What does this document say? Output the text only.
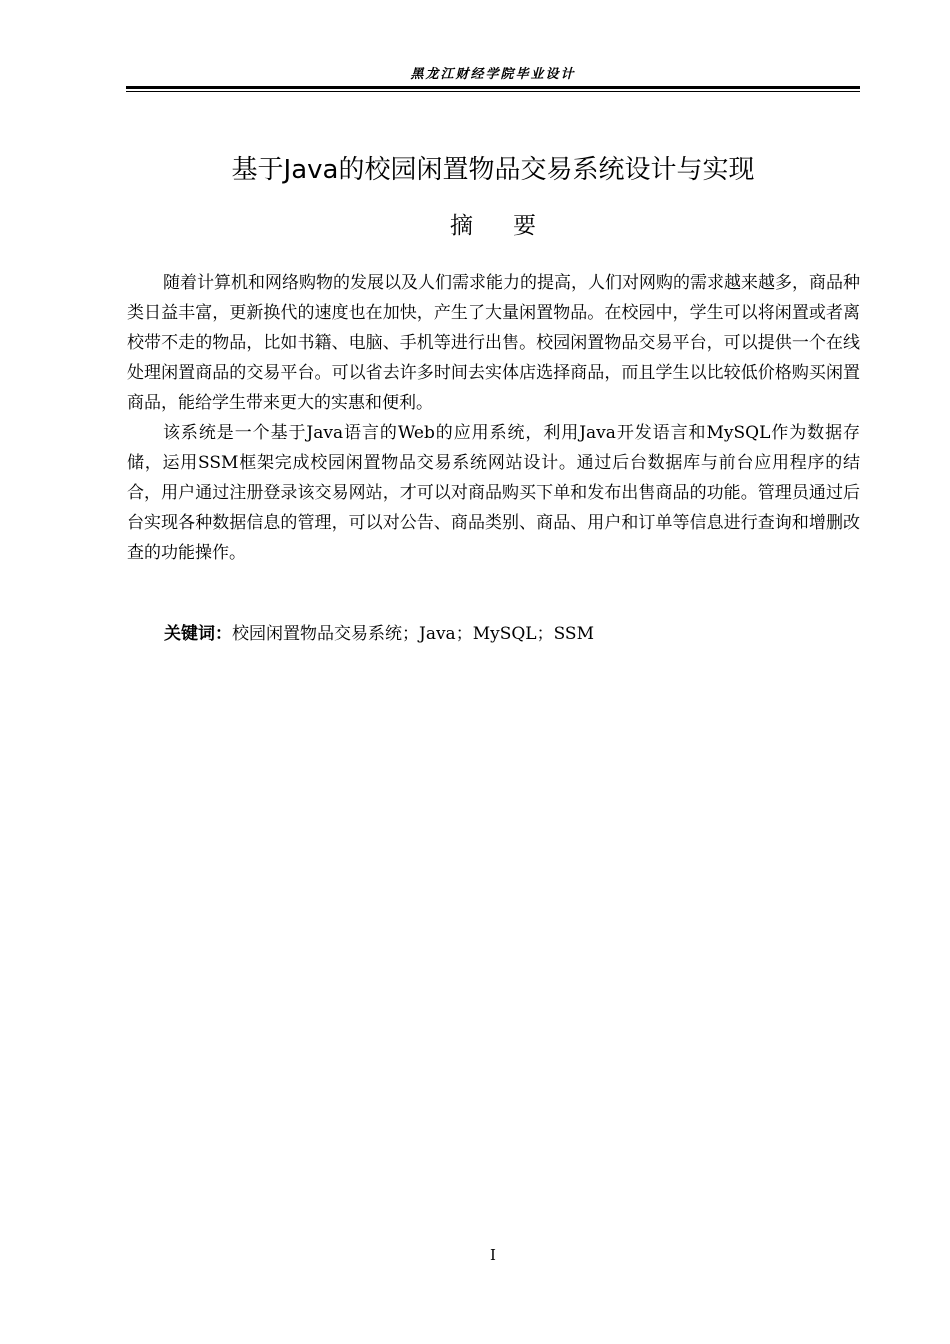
黑龙江财经学院毕业设计
基于Java的校园闲置物品交易系统设计与实现
摘要

随着计算机和网络购物的发展以及人们需求能力的提高，人们对网购的需求越来越多，商品种类日益丰富，更新换代的速度也在加快，产生了大量闲置物品。在校园中，学生可以将闲置或者离校带不走的物品，比如书籍、电脑、手机等进行出售。校园闲置物品交易平台，可以提供一个在线处理闲置商品的交易平台。可以省去许多时间去实体店选择商品，而且学生以比较低价格购买闲置商品，能给学生带来更大的实惠和便利。

该系统是一个基于Java语言的Web的应用系统，利用Java开发语言和MySQL作为数据存储，运用SSM框架完成校园闲置物品交易系统网站设计。通过后台数据库与前台应用程序的结合，用户通过注册登录该交易网站，才可以对商品购买下单和发布出售商品的功能。管理员通过后台实现各种数据信息的管理，可以对公告、商品类别、商品、用户和订单等信息进行查询和增删改查的功能操作。

关键词：校园闲置物品交易系统；Java；MySQL；SSM
I
